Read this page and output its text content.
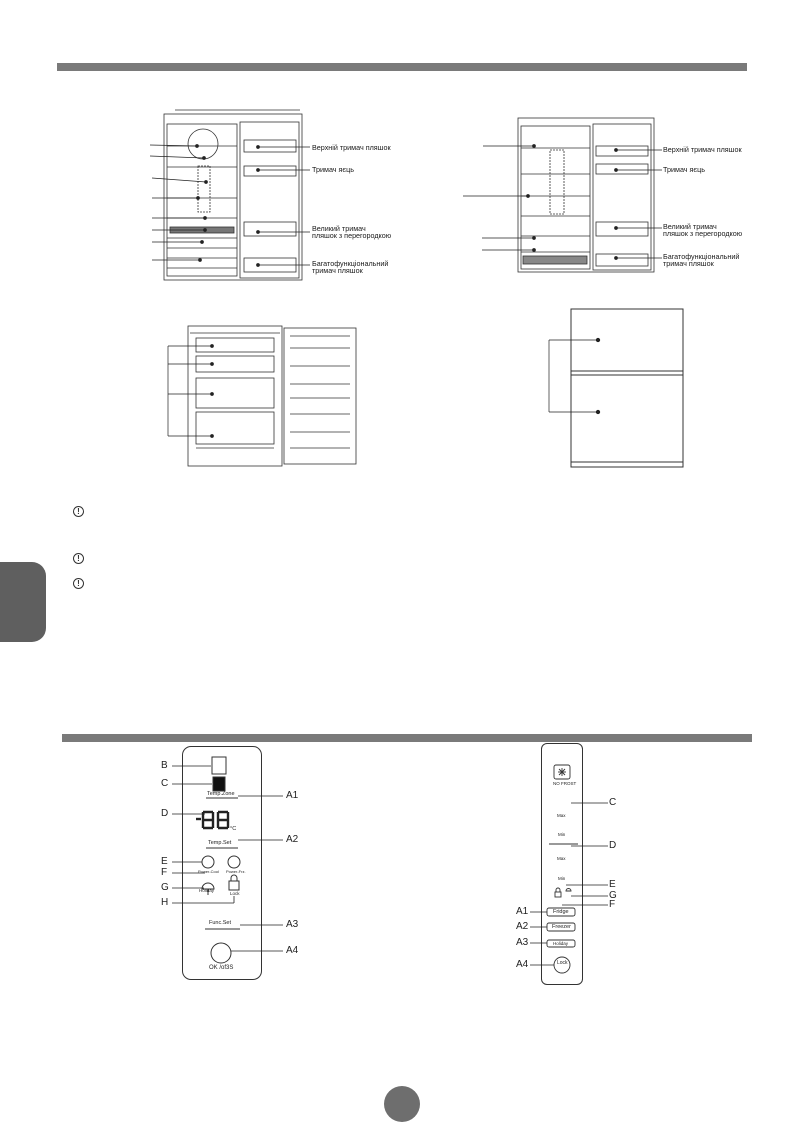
!
!
!
Верхній тримач пляшок
Тримач яєць
Великий тримач
пляшок з перегородкою
Багатофункціональний
тримач пляшок
Верхній тримач пляшок
Тримач яєць
Великий тримач
пляшок з перегородкою
Багатофункціональний
тримач пляшок
B
C
D
E
F
G
H
A1
A2
A3
A4
Temp.Zone
°C
Temp.Set
Power-Cool Power-Frz.
Holiday
Lock
Func.Set
OK /of3S
NO FROST
Max
Min
Max
Min
Fridge
Freezer
Holiday
Lock
C
D
E
G
F
A1
A2
A3
A4
